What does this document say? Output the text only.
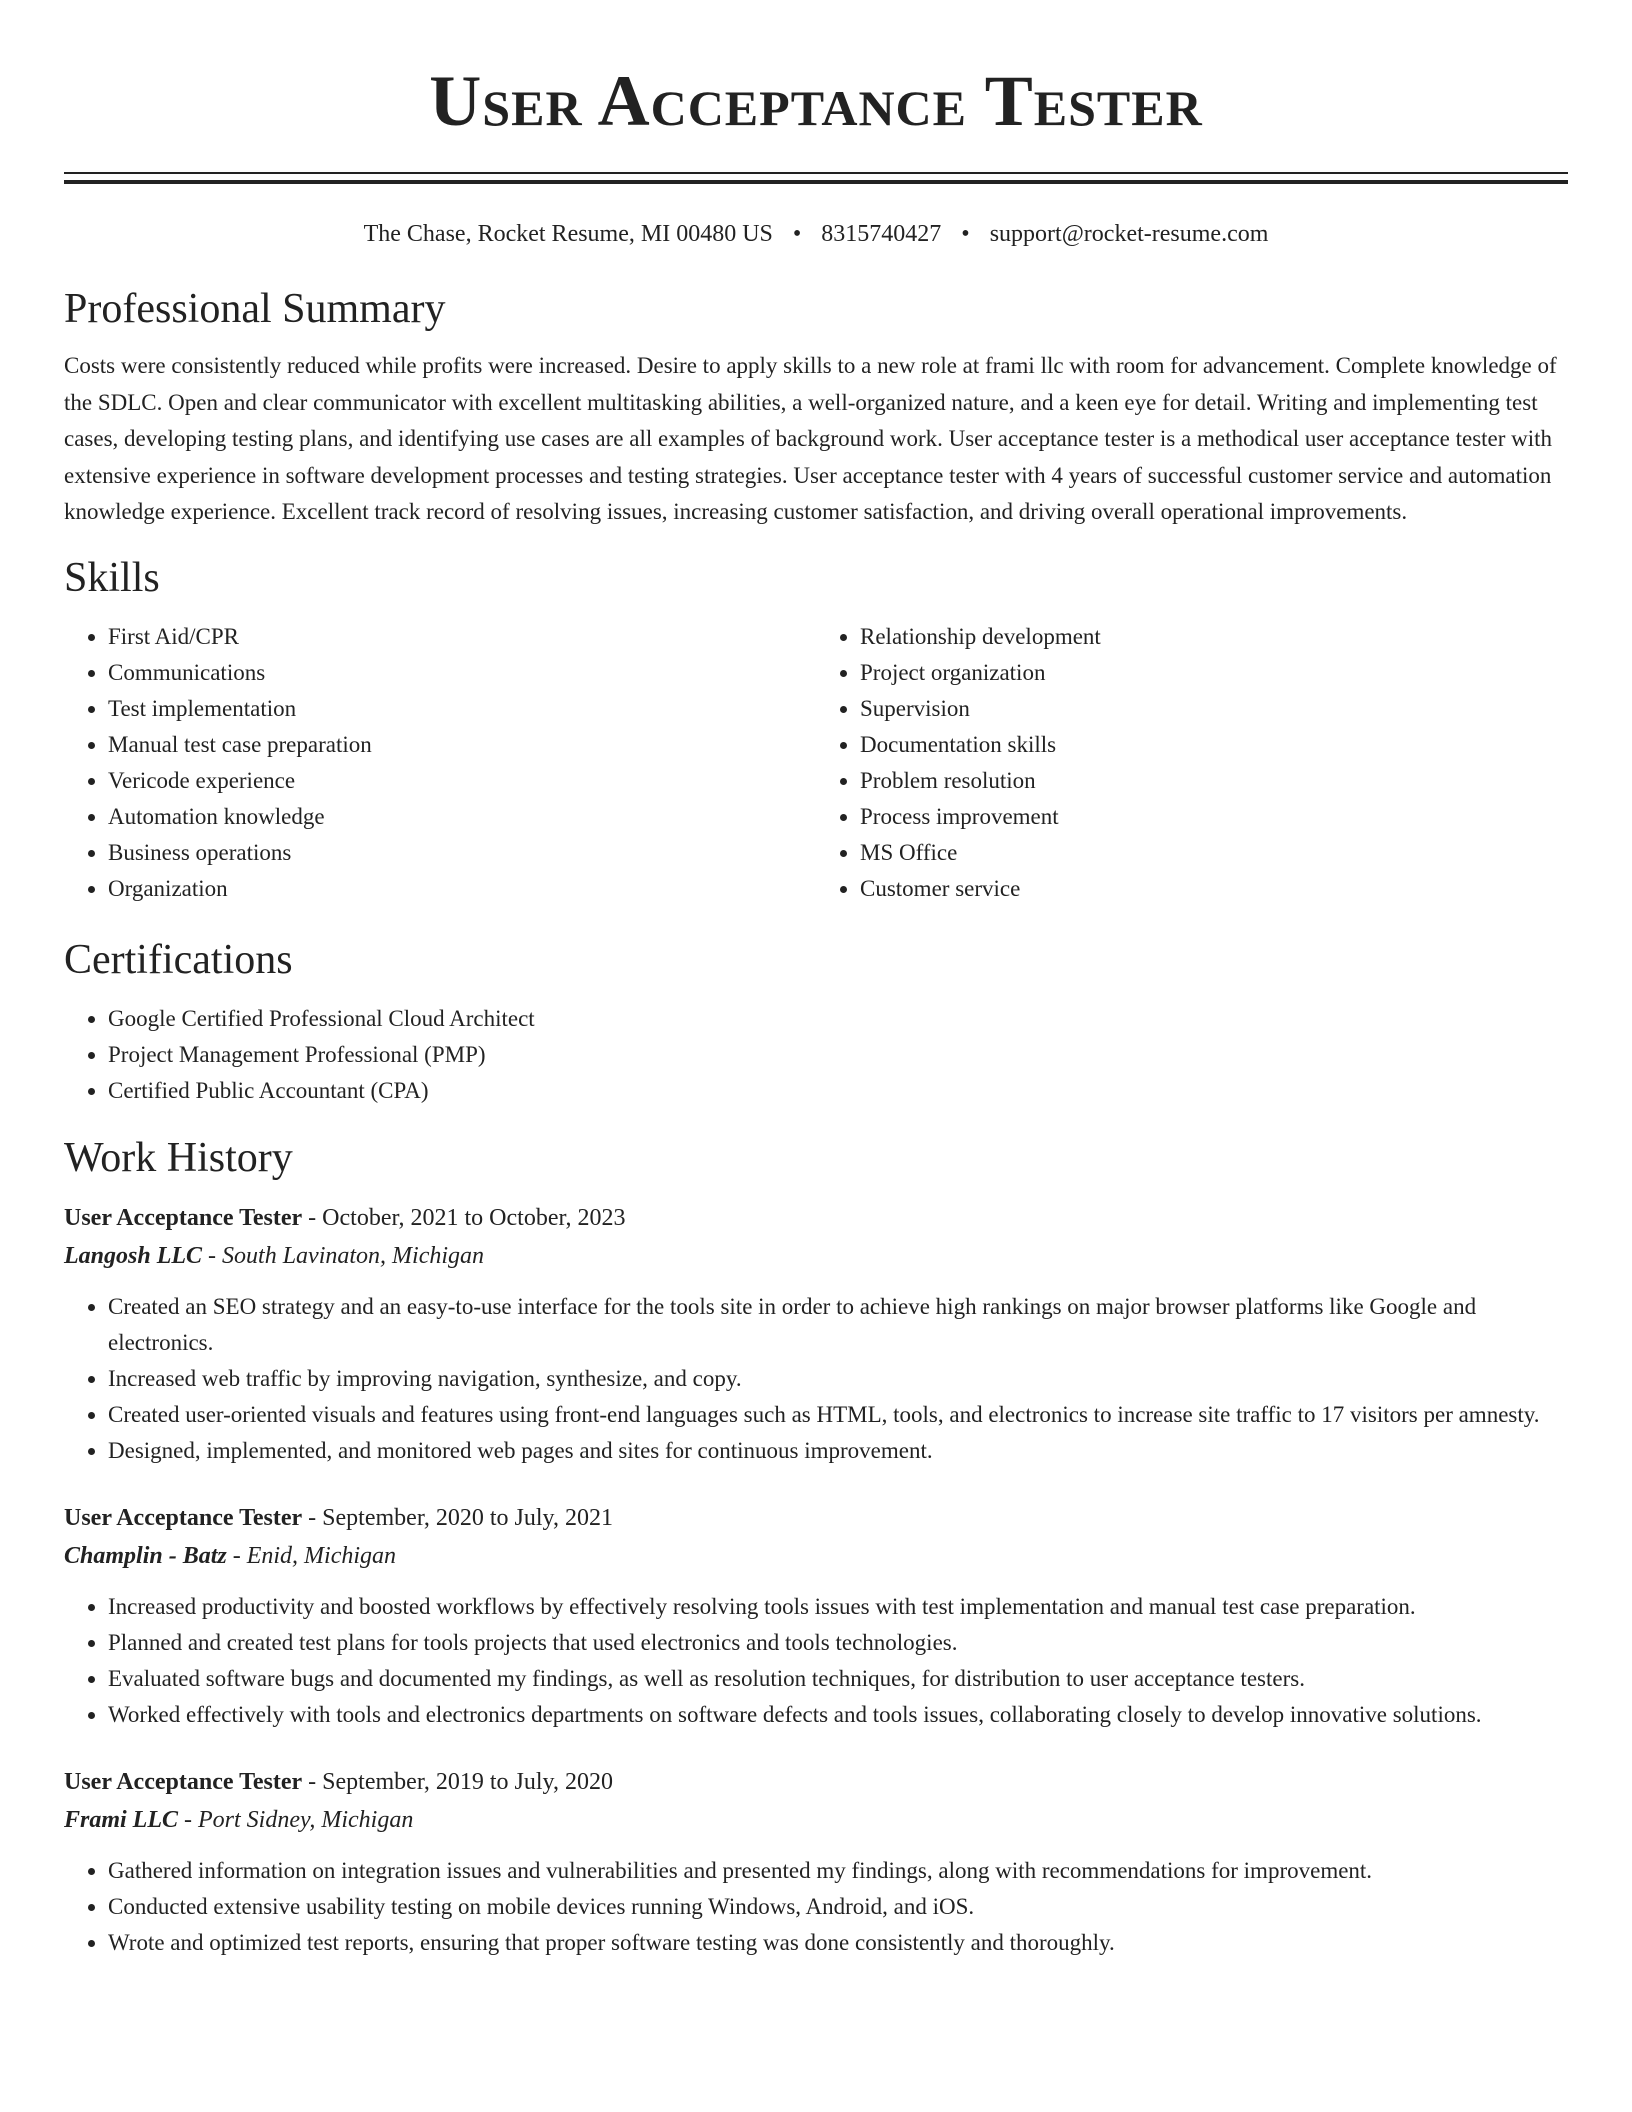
User Acceptance Tester
The Chase, Rocket Resume, MI 00480 US • 8315740427 • support@rocket-resume.com
Professional Summary

Costs were consistently reduced while profits were increased. Desire to apply skills to a new role at frami llc with room for advancement. Complete knowledge of the SDLC. Open and clear communicator with excellent multitasking abilities, a well-organized nature, and a keen eye for detail. Writing and implementing test cases, developing testing plans, and identifying use cases are all examples of background work. User acceptance tester is a methodical user acceptance tester with extensive experience in software development processes and testing strategies. User acceptance tester with 4 years of successful customer service and automation knowledge experience. Excellent track record of resolving issues, increasing customer satisfaction, and driving overall operational improvements.

Skills
• First Aid/CPR
• Communications
• Test implementation
• Manual test case preparation
• Vericode experience
• Automation knowledge
• Business operations
• Organization
• Relationship development
• Project organization
• Supervision
• Documentation skills
• Problem resolution
• Process improvement
• MS Office
• Customer service
Certifications
• Google Certified Professional Cloud Architect
• Project Management Professional (PMP)
• Certified Public Accountant (CPA)
Work History
User Acceptance Tester - October, 2021 to October, 2023
Langosh LLC - South Lavinaton, Michigan
• Created an SEO strategy and an easy-to-use interface for the tools site in order to achieve high rankings on major browser platforms like Google and electronics.
• Increased web traffic by improving navigation, synthesize, and copy.
• Created user-oriented visuals and features using front-end languages such as HTML, tools, and electronics to increase site traffic to 17 visitors per amnesty.
• Designed, implemented, and monitored web pages and sites for continuous improvement.
User Acceptance Tester - September, 2020 to July, 2021
Champlin - Batz - Enid, Michigan
• Increased productivity and boosted workflows by effectively resolving tools issues with test implementation and manual test case preparation.
• Planned and created test plans for tools projects that used electronics and tools technologies.
• Evaluated software bugs and documented my findings, as well as resolution techniques, for distribution to user acceptance testers.
• Worked effectively with tools and electronics departments on software defects and tools issues, collaborating closely to develop innovative solutions.
User Acceptance Tester - September, 2019 to July, 2020
Frami LLC - Port Sidney, Michigan
• Gathered information on integration issues and vulnerabilities and presented my findings, along with recommendations for improvement.
• Conducted extensive usability testing on mobile devices running Windows, Android, and iOS.
• Wrote and optimized test reports, ensuring that proper software testing was done consistently and thoroughly.
